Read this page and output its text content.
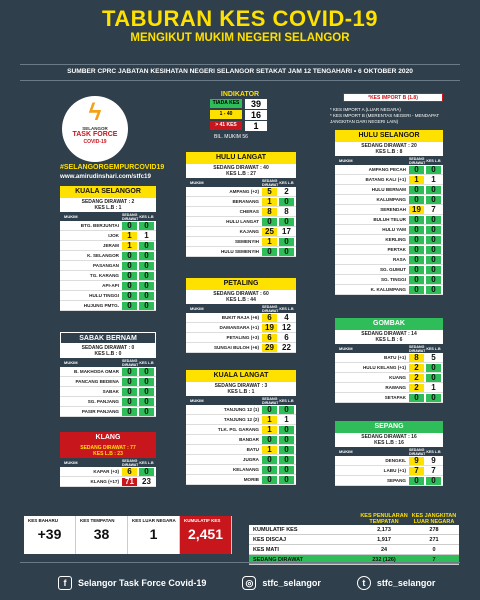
TABURAN KES COVID-19
MENGIKUT MUKIM NEGERI SELANGOR
SUMBER CPRC JABATAN KESIHATAN NEGERI SELANGOR SETAKAT JAM 12 TENGAHARI • 6 OKTOBER 2020
ϟ
SELANGOR
TASK FORCE
COVID-19
#SELANGORGEMPURCOVID19
www.amirudinshari.com/stfc19
INDIKATOR
TIADA KES	39
1 - 40	16
> 41 KES	1
BIL. MUKIM 56
*KES IMPORT B (1.8)
* KES IMPORT A (LUAR NEGARA)
* KES IMPORT B (MERENTAS NEGERI - MENDAPAT JANGKITAN DARI NEGERI LAIN)
KUALA SELANGOR
SEDANG DIRAWAT : 2
KES L.B : 1
MUKIM	SEDANG DIRAWAT KES L.B
BTG. BERJUNTAI	0	0
IJOK	1	1
JERAM	1	0
K. SELANGOR	0	0
PASANGAN	0	0
TG. KARANG	0	0
API-API	0	0
HULU TINGGI	0	0
HUJUNG PMTG.	0	0
SABAK BERNAM
SEDANG DIRAWAT : 0
KES L.B : 0
MUKIM	SEDANG DIRAWAT KES L.B
B. MAKHODA OMAR	0	0
PANCANG BEDENA	0	0
SABAK	0	0
SG. PANJANG	0	0
PASIR PANJANG	0	0
KLANG
SEDANG DIRAWAT : 77
KES L.B : 23
MUKIM	SEDANG DIRAWAT KES L.B
KAPAR (+3)	6	0
KLANG (+17) 71	23
HULU LANGAT
SEDANG DIRAWAT : 40
KES L.B : 27
MUKIM	SEDANG DIRAWAT KES L.B
AMPANG (+2)	5	2
BERANANG	1	0
CHERAS	8	8
HULU LANGAT	0	0
KAJANG 25	17
SEMENYIH	1	0
HULU SEMENYIH	0	0
PETALING
SEDANG DIRAWAT : 60
KES L.B : 44
MUKIM	SEDANG DIRAWAT KES L.B
BUKIT RAJA (+6)	6	4
DAMANSARA (+1) 19	12
PETALING (+3)	6	6
SUNGAI BULOH (+6) 29	22
KUALA LANGAT
SEDANG DIRAWAT : 3
KES L.B : 1
MUKIM	SEDANG DIRAWAT KES L.B
TANJUNG 12 (1)	0	0
TANJUNG 12 (2)	1	1
TLK. PG. GARANG	1	0
BANDAR	0	0
BATU	1	0
JUGRA	0	0
KELANANG	0	0
MORIB	0	0
HULU SELANGOR
SEDANG DIRAWAT : 20
KES L.B : 8
MUKIM	SEDANG DIRAWAT KES L.B
AMPANG PECAH	0	0
BATANG KALI (+1)	1	1
HULU BERNAM	0	0
KALUMPANG	0	0
SERENDAH 19	7
BULUH TELUR	0	0
HULU YAM	0	0
KERLING	0	0
PERTAK	0	0
RASA	0	0
SG. GUMUT	0	0
SG. TINGGI	0	0
K. KALUMPANG	0	0
GOMBAK
SEDANG DIRAWAT : 14
KES L.B : 6
MUKIM	SEDANG DIRAWAT KES L.B
BATU (+1)	8	5
HULU KELANG (+1)	2	0
KUANG	2	0
RAWANG	2	1
SETAPAK	0	0
SEPANG
SEDANG DIRAWAT : 16
KES L.B : 16
MUKIM	SEDANG DIRAWAT KES L.B
DENGKIL	9	9
LABU (+1)	7	7
SEPANG	0	0
KES BAHARU
+39
KES TEMPATAN
38
KES LUAR NEGARA
1
KUMULATIF KES
2,451
KES PENULARAN TEMPATAN
KES JANGKITAN LUAR NEGARA
KUMULATIF KES	2,173	278
KES DISCAJ	1,917	271
KES MATI	24	0
SEDANG DIRAWAT	232 (126)	7
f	Selangor Task Force Covid-19	◎	stfc_selangor	t	stfc_selangor
